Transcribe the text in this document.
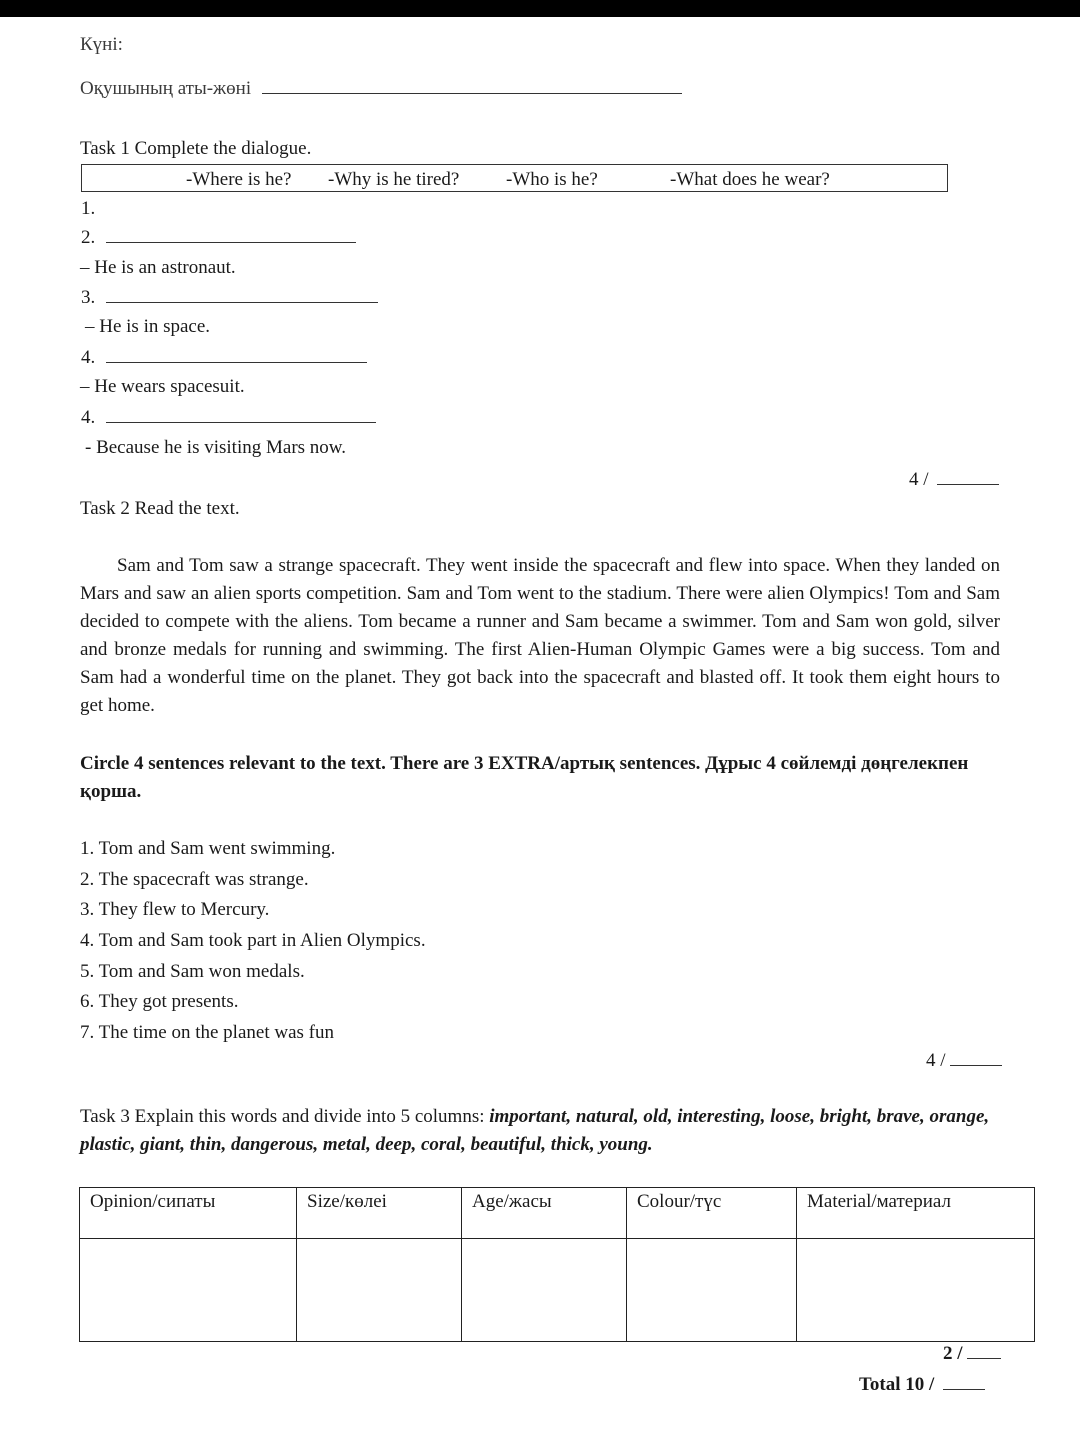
Күні:
Оқушының аты-жөні
Task 1 Complete the dialogue.
-Where is he? -Why is he tired? -Who is he?	-What does he wear?
1.
2.
– He is an astronaut.
3.
– He is in space.
4.
– He wears spacesuit.
4.
- Because he is visiting Mars now.
4 /
Task 2 Read the text.

Sam and Tom saw a strange spacecraft. They went inside the spacecraft and flew into space. When they landed on Mars and saw an alien sports competition. Sam and Tom went to the stadium. There were alien Olympics! Tom and Sam decided to compete with the aliens. Tom became a runner and Sam became a swimmer. Tom and Sam won gold, silver and bronze medals for running and swimming. The first Alien-Human Olympic Games were a big success. Tom and Sam had a wonderful time on the planet. They got back into the spacecraft and blasted off. It took them eight hours to get home.

Circle 4 sentences relevant to the text. There are 3 EXTRA/артық sentences. Дұрыс 4 сөйлемді дөңгелекпен қорша.
1. Tom and Sam went swimming.
2. The spacecraft was strange.
3. They flew to Mercury.
4. Tom and Sam took part in Alien Olympics.
5. Tom and Sam won medals.
6. They got presents.
7. The time on the planet was fun
4 /
Task 3 Explain this words and divide into 5 columns: important, natural, old, interesting, loose, bright, brave, orange, plastic, giant, thin, dangerous, metal, deep, coral, beautiful, thick, young.
Opinion/сипаты	Size/көлеі	Age/жасы	Colour/түс	Material/материал

2 /
Total 10 /
